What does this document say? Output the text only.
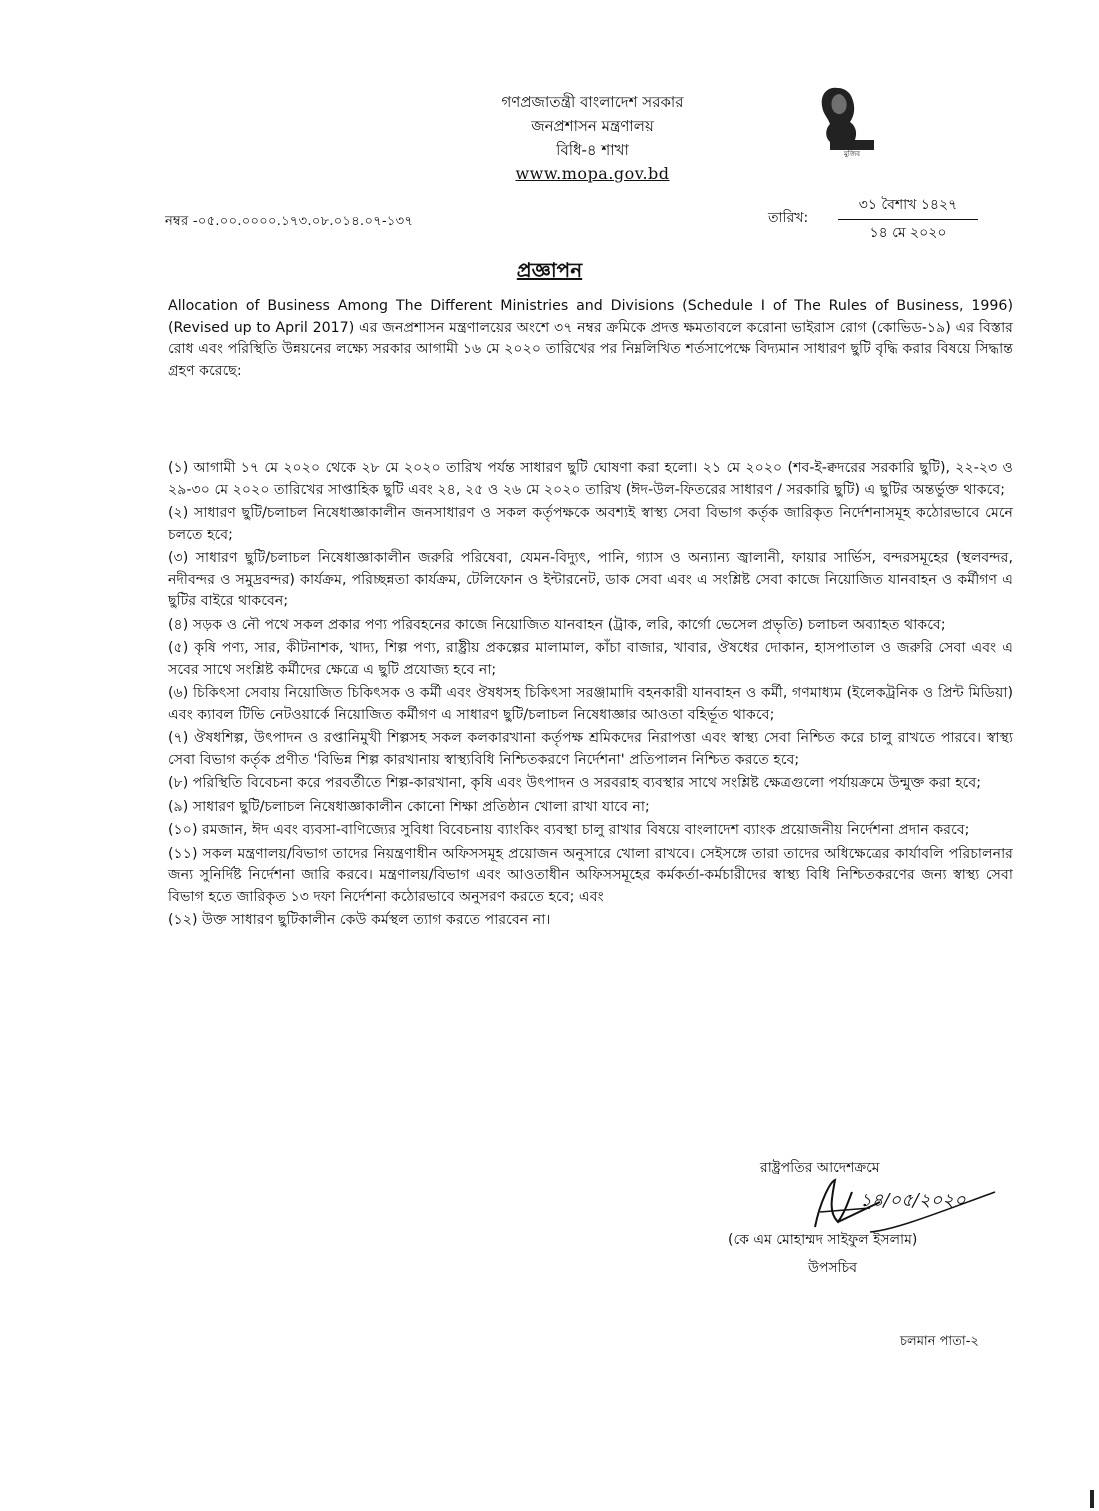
গণপ্রজাতন্ত্রী বাংলাদেশ সরকার
জনপ্রশাসন মন্ত্রণালয়
বিধি-৪ শাখা
www.mopa.gov.bd
মুজিব
নম্বর -০৫.০০.০০০০.১৭৩.০৮.০১৪.০৭-১৩৭	তারিখ:
৩১ বৈশাখ ১৪২৭
১৪ মে ২০২০
প্রজ্ঞাপন
Allocation of Business Among The Different Ministries and Divisions (Schedule I of The Rules of Business, 1996) (Revised up to April 2017) এর জনপ্রশাসন মন্ত্রণালয়ের অংশে ৩৭ নম্বর ক্রমিকে প্রদত্ত ক্ষমতাবলে করোনা ভাইরাস রোগ (কোভিড-১৯) এর বিস্তার রোধ এবং পরিস্থিতি উন্নয়নের লক্ষ্যে সরকার আগামী ১৬ মে ২০২০ তারিখের পর নিম্নলিখিত শর্তসাপেক্ষে বিদ্যমান সাধারণ ছুটি বৃদ্ধি করার বিষয়ে সিদ্ধান্ত গ্রহণ করেছে:
(১) আগামী ১৭ মে ২০২০ থেকে ২৮ মে ২০২০ তারিখ পর্যন্ত সাধারণ ছুটি ঘোষণা করা হলো। ২১ মে ২০২০ (শব-ই-ক্বদরের সরকারি ছুটি), ২২-২৩ ও ২৯-৩০ মে ২০২০ তারিখের সাপ্তাহিক ছুটি এবং ২৪, ২৫ ও ২৬ মে ২০২০ তারিখ (ঈদ-উল-ফিতরের সাধারণ / সরকারি ছুটি) এ ছুটির অন্তর্ভুক্ত থাকবে;
(২) সাধারণ ছুটি/চলাচল নিষেধাজ্ঞাকালীন জনসাধারণ ও সকল কর্তৃপক্ষকে অবশ্যই স্বাস্থ্য সেবা বিভাগ কর্তৃক জারিকৃত নির্দেশনাসমূহ কঠোরভাবে মেনে চলতে হবে;
(৩) সাধারণ ছুটি/চলাচল নিষেধাজ্ঞাকালীন জরুরি পরিষেবা, যেমন-বিদ্যুৎ, পানি, গ্যাস ও অন্যান্য জ্বালানী, ফায়ার সার্ভিস, বন্দরসমূহের (স্থলবন্দর, নদীবন্দর ও সমুদ্রবন্দর) কার্যক্রম, পরিচ্ছন্নতা কার্যক্রম, টেলিফোন ও ইন্টারনেট, ডাক সেবা এবং এ সংশ্লিষ্ট সেবা কাজে নিয়োজিত যানবাহন ও কর্মীগণ এ ছুটির বাইরে থাকবেন;
(৪) সড়ক ও নৌ পথে সকল প্রকার পণ্য পরিবহনের কাজে নিয়োজিত যানবাহন (ট্রাক, লরি, কার্গো ভেসেল প্রভৃতি) চলাচল অব্যাহত থাকবে;
(৫) কৃষি পণ্য, সার, কীটনাশক, খাদ্য, শিল্প পণ্য, রাষ্ট্রীয় প্রকল্পের মালামাল, কাঁচা বাজার, খাবার, ঔষধের দোকান, হাসপাতাল ও জরুরি সেবা এবং এ সবের সাথে সংশ্লিষ্ট কর্মীদের ক্ষেত্রে এ ছুটি প্রযোজ্য হবে না;
(৬) চিকিৎসা সেবায় নিয়োজিত চিকিৎসক ও কর্মী এবং ঔষধসহ চিকিৎসা সরঞ্জামাদি বহনকারী যানবাহন ও কর্মী, গণমাধ্যম (ইলেকট্রনিক ও প্রিন্ট মিডিয়া) এবং ক্যাবল টিভি নেটওয়ার্কে নিয়োজিত কর্মীগণ এ সাধারণ ছুটি/চলাচল নিষেধাজ্ঞার আওতা বহির্ভূত থাকবে;
(৭) ঔষধশিল্প, উৎপাদন ও রপ্তানিমুখী শিল্পসহ সকল কলকারখানা কর্তৃপক্ষ শ্রমিকদের নিরাপত্তা এবং স্বাস্থ্য সেবা নিশ্চিত করে চালু রাখতে পারবে। স্বাস্থ্য সেবা বিভাগ কর্তৃক প্রণীত 'বিভিন্ন শিল্প কারখানায় স্বাস্থ্যবিধি নিশ্চিতকরণে নির্দেশনা' প্রতিপালন নিশ্চিত করতে হবে;
(৮) পরিস্থিতি বিবেচনা করে পরবর্তীতে শিল্প-কারখানা, কৃষি এবং উৎপাদন ও সরবরাহ ব্যবস্থার সাথে সংশ্লিষ্ট ক্ষেত্রগুলো পর্যায়ক্রমে উন্মুক্ত করা হবে;
(৯) সাধারণ ছুটি/চলাচল নিষেধাজ্ঞাকালীন কোনো শিক্ষা প্রতিষ্ঠান খোলা রাখা যাবে না;
(১০) রমজান, ঈদ এবং ব্যবসা-বাণিজ্যের সুবিধা বিবেচনায় ব্যাংকিং ব্যবস্থা চালু রাখার বিষয়ে বাংলাদেশ ব্যাংক প্রয়োজনীয় নির্দেশনা প্রদান করবে;
(১১) সকল মন্ত্রণালয়/বিভাগ তাদের নিয়ন্ত্রণাধীন অফিসসমূহ প্রয়োজন অনুসারে খোলা রাখবে। সেইসঙ্গে তারা তাদের অধিক্ষেত্রের কার্যাবলি পরিচালনার জন্য সুনির্দিষ্ট নির্দেশনা জারি করবে। মন্ত্রণালয়/বিভাগ এবং আওতাধীন অফিসসমূহের কর্মকর্তা-কর্মচারীদের স্বাস্থ্য বিধি নিশ্চিতকরণের জন্য স্বাস্থ্য সেবা বিভাগ হতে জারিকৃত ১৩ দফা নির্দেশনা কঠোরভাবে অনুসরণ করতে হবে; এবং
(১২) উক্ত সাধারণ ছুটিকালীন কেউ কর্মস্থল ত্যাগ করতে পারবেন না।
রাষ্ট্রপতির আদেশক্রমে
১৪/০৫/২০২০
(কে এম মোহাম্মদ সাইফুল ইসলাম)
উপসচিব
চলমান পাতা-২
